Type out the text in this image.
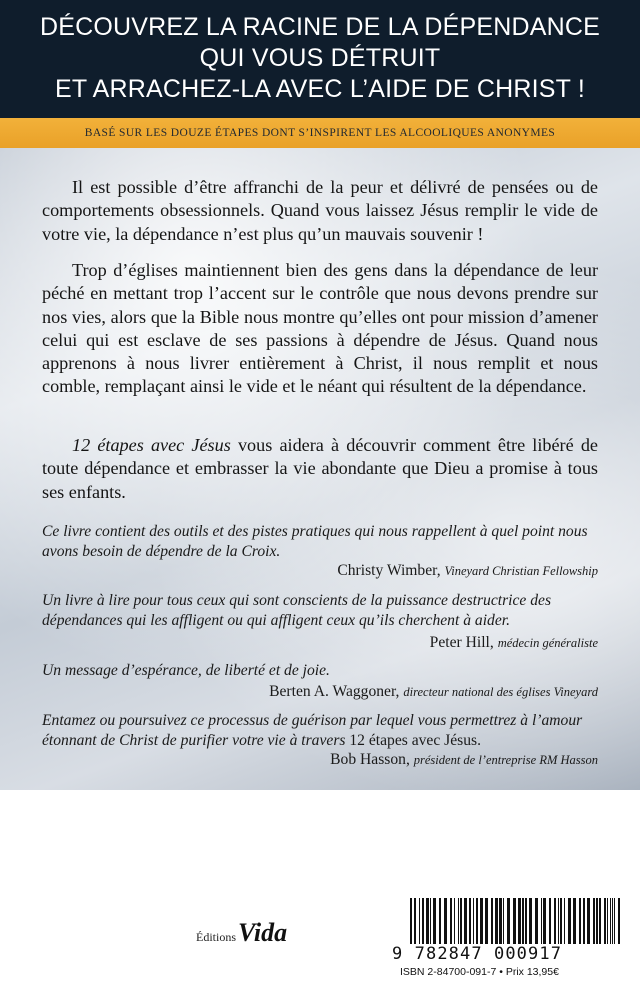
DÉCOUVREZ LA RACINE DE LA DÉPENDANCE
QUI VOUS DÉTRUIT
ET ARRACHEZ-LA AVEC L’AIDE DE CHRIST !
BASÉ SUR LES DOUZE ÉTAPES DONT S’INSPIRENT LES ALCOOLIQUES ANONYMES

Il est possible d’être affranchi de la peur et délivré de pensées ou de comportements obsessionnels. Quand vous laissez Jésus remplir le vide de votre vie, la dépendance n’est plus qu’un mauvais souvenir !

Trop d’églises maintiennent bien des gens dans la dépendance de leur péché en mettant trop l’accent sur le contrôle que nous devons prendre sur nos vies, alors que la Bible nous montre qu’elles ont pour mission d’amener celui qui est esclave de ses passions à dépendre de Jésus. Quand nous apprenons à nous livrer entièrement à Christ, il nous remplit et nous comble, remplaçant ainsi le vide et le néant qui résultent de la dépendance.

12 étapes avec Jésus vous aidera à découvrir comment être libéré de toute dépendance et embrasser la vie abondante que Dieu a promise à tous ses enfants.

Ce livre contient des outils et des pistes pratiques qui nous rappellent à quel point nous avons besoin de dépendre de la Croix.

Christy Wimber, Vineyard Christian Fellowship

Un livre à lire pour tous ceux qui sont conscients de la puissance destructrice des dépendances qui les affligent ou qui affligent ceux qu’ils cherchent à aider.

Peter Hill, médecin généraliste

Un message d’espérance, de liberté et de joie.

Berten A. Waggoner, directeur national des églises Vineyard

Entamez ou poursuivez ce processus de guérison par lequel vous permettrez à l’amour étonnant de Christ de purifier votre vie à travers 12 étapes avec Jésus.

Bob Hasson, président de l’entreprise RM Hasson

ÉditionsVida
9 782847 000917
ISBN 2-84700-091-7 • Prix 13,95€
